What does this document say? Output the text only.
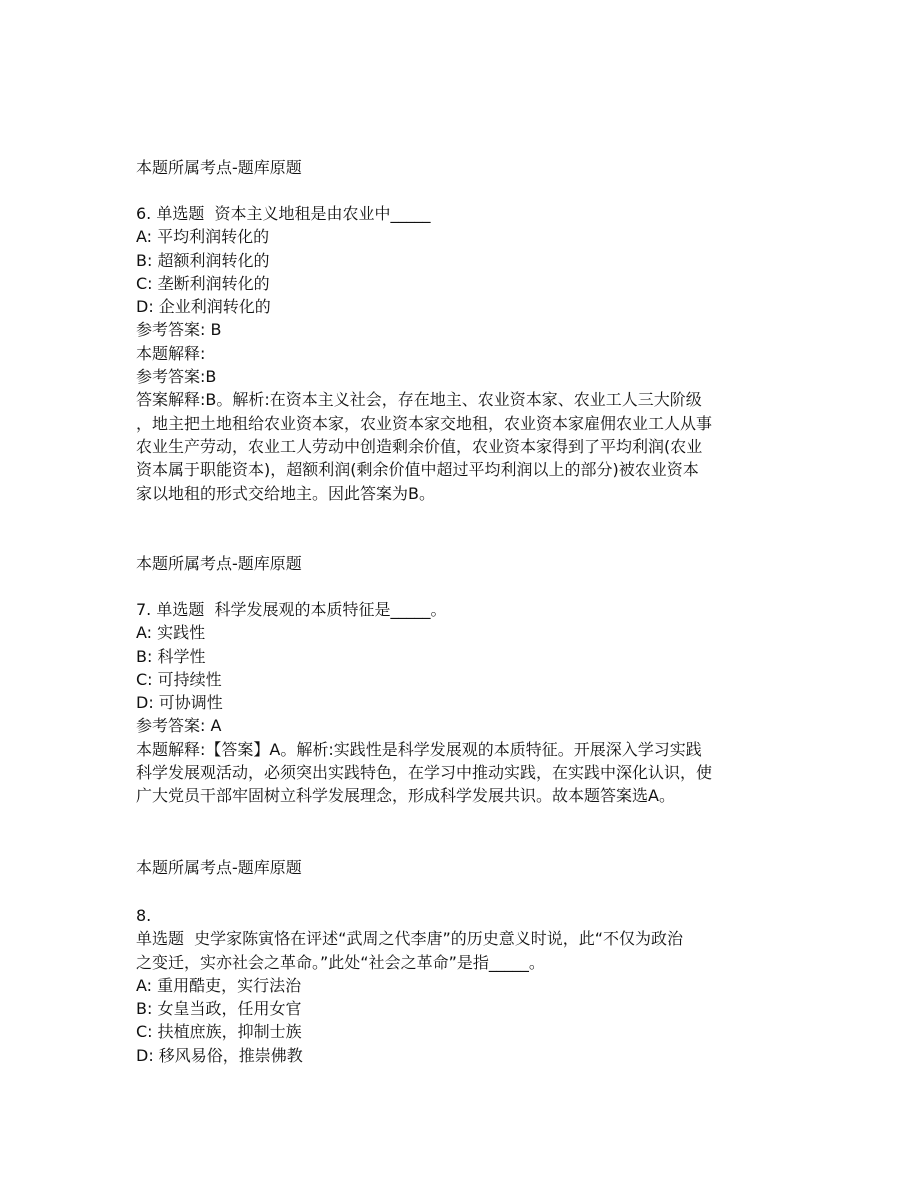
本题所属考点-题库原题

6. 单选题  资本主义地租是由农业中_____

A: 平均利润转化的

B: 超额利润转化的

C: 垄断利润转化的

D: 企业利润转化的

参考答案: B

本题解释:

参考答案:B

答案解释:B。解析:在资本主义社会，存在地主、农业资本家、农业工人三大阶级

，地主把土地租给农业资本家，农业资本家交地租，农业资本家雇佣农业工人从事

农业生产劳动，农业工人劳动中创造剩余价值，农业资本家得到了平均利润(农业

资本属于职能资本)，超额利润(剩余价值中超过平均利润以上的部分)被农业资本

家以地租的形式交给地主。因此答案为B。

本题所属考点-题库原题

7. 单选题  科学发展观的本质特征是_____。

A: 实践性

B: 科学性

C: 可持续性

D: 可协调性

参考答案: A

本题解释:【答案】A。解析:实践性是科学发展观的本质特征。开展深入学习实践

科学发展观活动，必须突出实践特色，在学习中推动实践，在实践中深化认识，使

广大党员干部牢固树立科学发展理念，形成科学发展共识。故本题答案选A。

本题所属考点-题库原题

8.

单选题  史学家陈寅恪在评述“武周之代李唐”的历史意义时说，此“不仅为政治

之变迁，实亦社会之革命。”此处“社会之革命”是指_____。

A: 重用酷吏，实行法治

B: 女皇当政，任用女官

C: 扶植庶族，抑制士族

D: 移风易俗，推崇佛教
